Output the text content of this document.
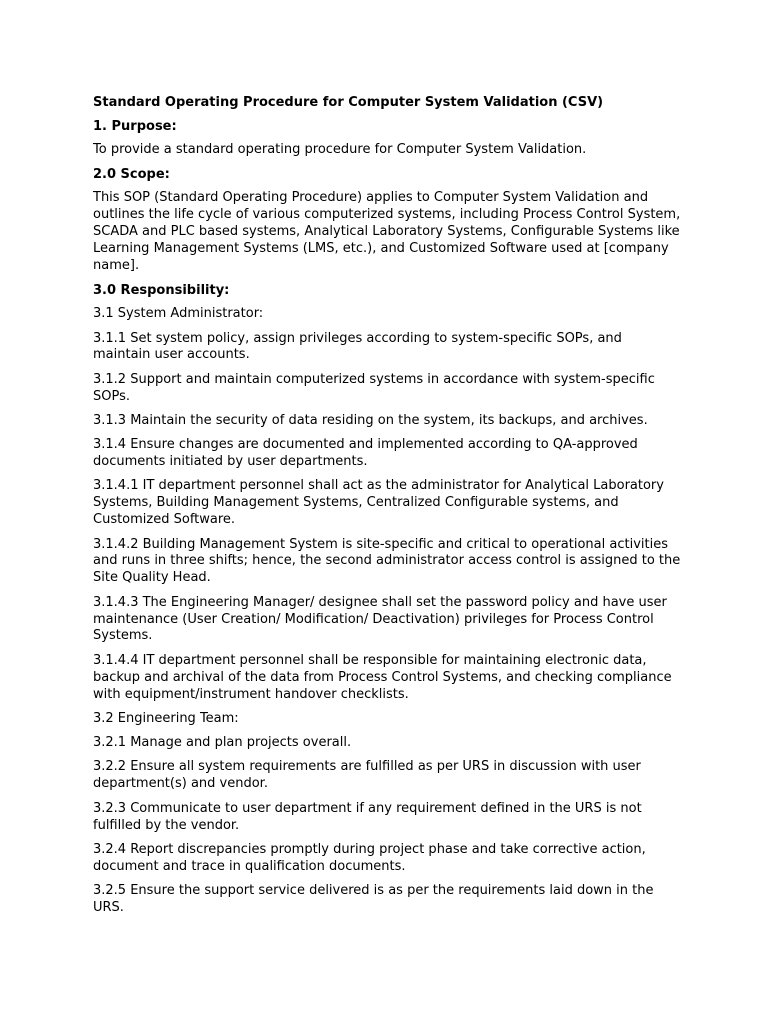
Standard Operating Procedure for Computer System Validation (CSV)
1. Purpose:

To provide a standard operating procedure for Computer System Validation.

2.0 Scope:

This SOP (Standard Operating Procedure) applies to Computer System Validation and outlines the life cycle of various computerized systems, including Process Control System, SCADA and PLC based systems, Analytical Laboratory Systems, Configurable Systems like Learning Management Systems (LMS, etc.), and Customized Software used at [company name].

3.0 Responsibility:

3.1 System Administrator:

3.1.1 Set system policy, assign privileges according to system-specific SOPs, and maintain user accounts.

3.1.2 Support and maintain computerized systems in accordance with system-specific SOPs.

3.1.3 Maintain the security of data residing on the system, its backups, and archives.

3.1.4 Ensure changes are documented and implemented according to QA-approved documents initiated by user departments.

3.1.4.1 IT department personnel shall act as the administrator for Analytical Laboratory Systems, Building Management Systems, Centralized Configurable systems, and Customized Software.

3.1.4.2 Building Management System is site-specific and critical to operational activities and runs in three shifts; hence, the second administrator access control is assigned to the Site Quality Head.

3.1.4.3 The Engineering Manager/ designee shall set the password policy and have user maintenance (User Creation/ Modification/ Deactivation) privileges for Process Control Systems.

3.1.4.4 IT department personnel shall be responsible for maintaining electronic data, backup and archival of the data from Process Control Systems, and checking compliance with equipment/instrument handover checklists.

3.2 Engineering Team:

3.2.1 Manage and plan projects overall.

3.2.2 Ensure all system requirements are fulfilled as per URS in discussion with user department(s) and vendor.

3.2.3 Communicate to user department if any requirement defined in the URS is not fulfilled by the vendor.

3.2.4 Report discrepancies promptly during project phase and take corrective action, document and trace in qualification documents.

3.2.5 Ensure the support service delivered is as per the requirements laid down in the URS.
